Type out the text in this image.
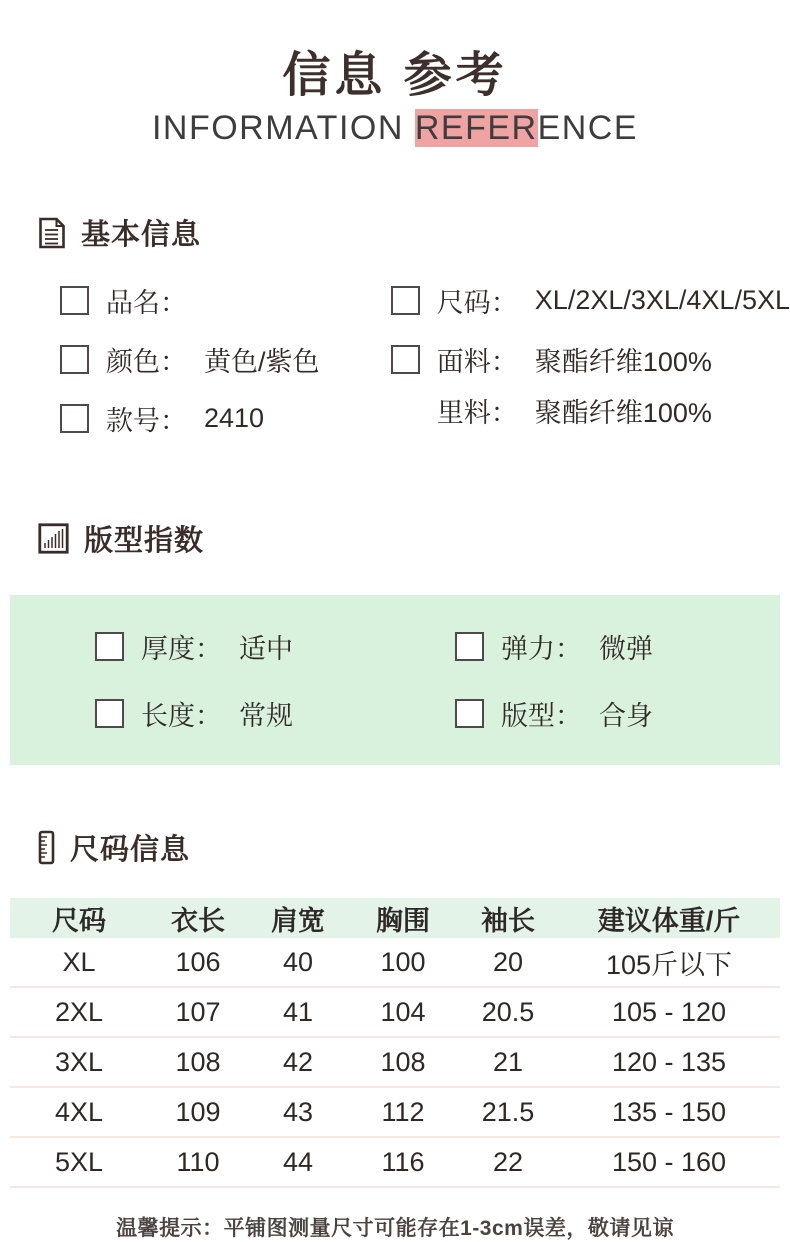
信息 参考
INFORMATION REFERENCE
基本信息
品名：
颜色： 黄色/紫色
款号： 2410
尺码： XL/2XL/3XL/4XL/5XL
面料： 聚酯纤维100%
里料： 聚酯纤维100%
版型指数
厚度： 适中	弹力： 微弹
长度： 常规	版型： 合身
尺码信息
尺码	衣长	肩宽	胸围	袖长	建议体重/斤
XL	106	40	100	20	105斤以下
2XL	107	41	104	20.5	105 - 120
3XL	108	42	108	21	120 - 135
4XL	109	43	112	21.5	135 - 150
5XL	110	44	116	22	150 - 160
温馨提示：平铺图测量尺寸可能存在1-3cm误差，敬请见谅
